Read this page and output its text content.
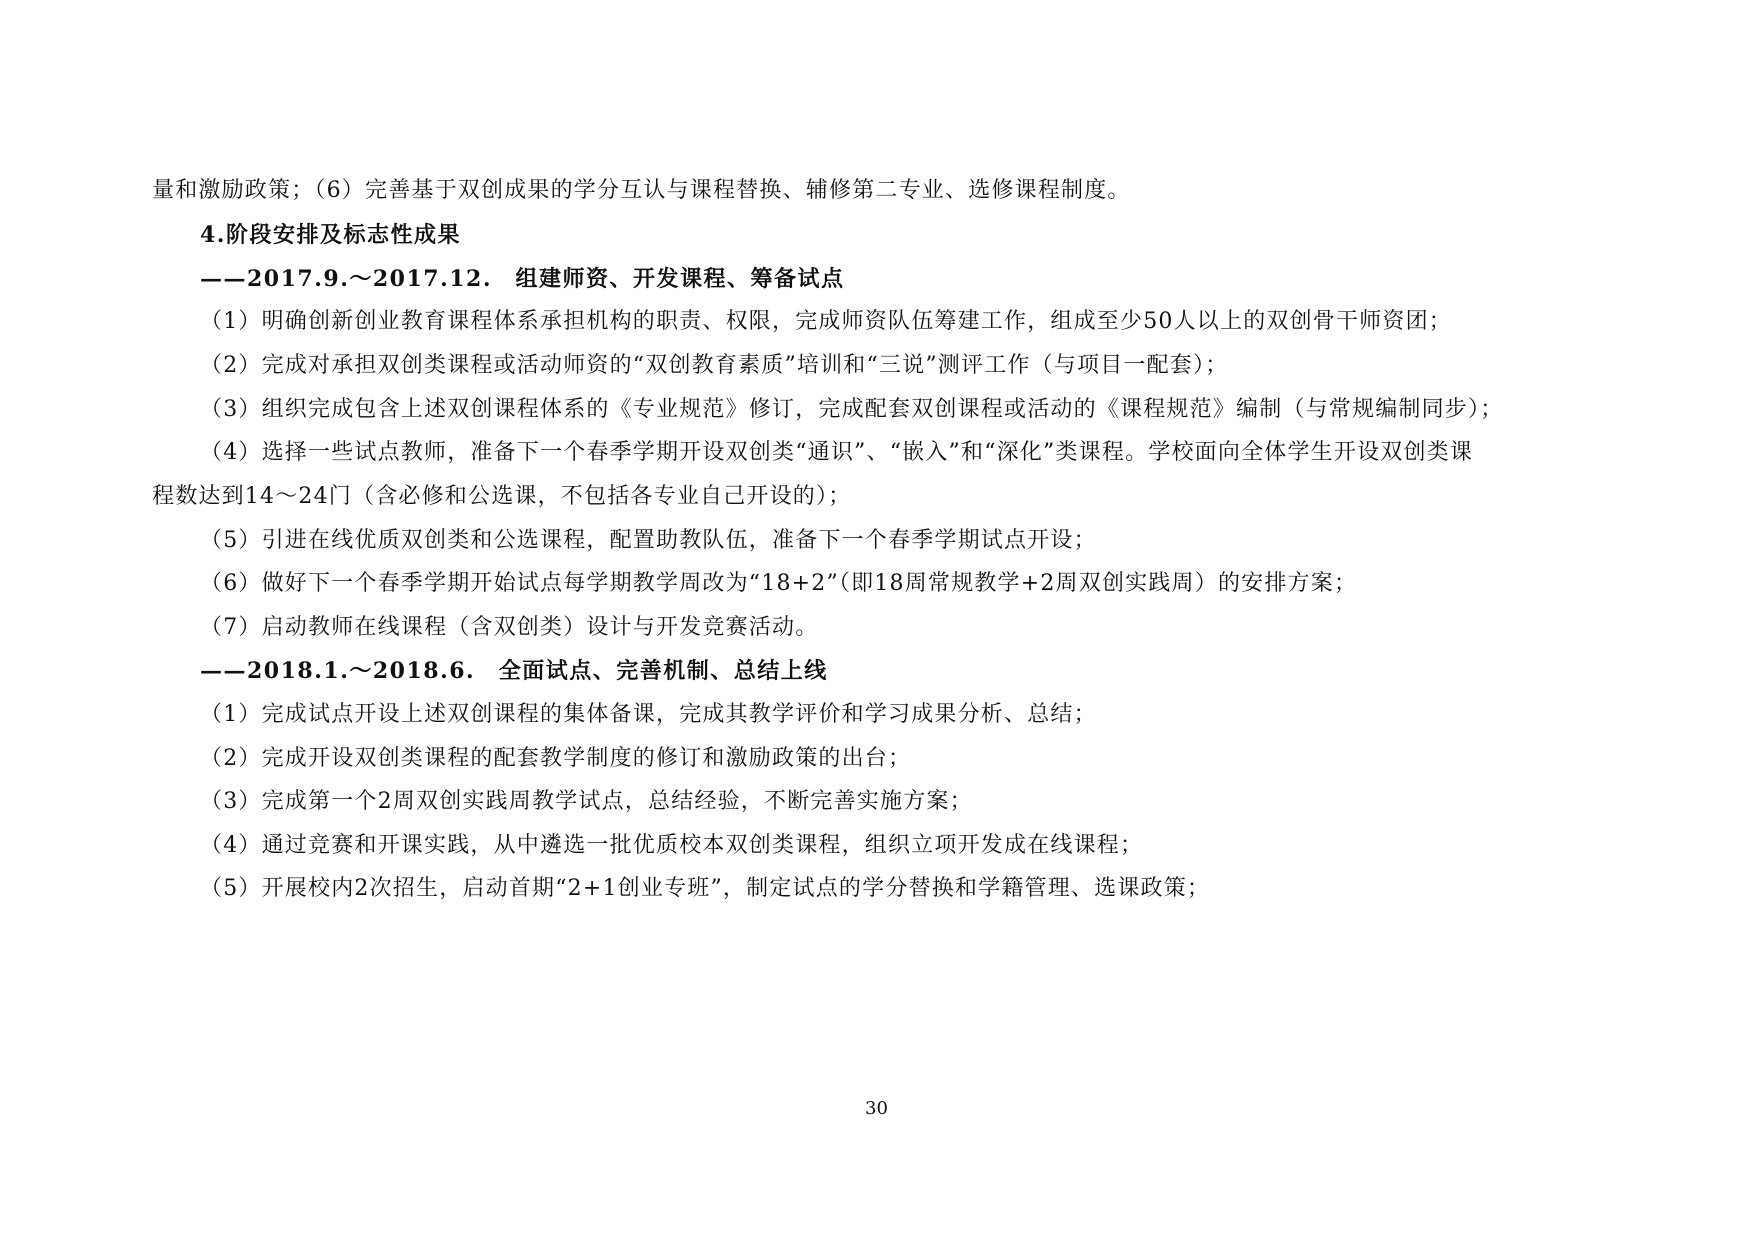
量和激励政策；（6）完善基于双创成果的学分互认与课程替换、辅修第二专业、选修课程制度。
4.阶段安排及标志性成果
——2017.9.～2017.12.　组建师资、开发课程、筹备试点
（1）明确创新创业教育课程体系承担机构的职责、权限，完成师资队伍筹建工作，组成至少50人以上的双创骨干师资团；
（2）完成对承担双创类课程或活动师资的“双创教育素质”培训和“三说”测评工作（与项目一配套）；
（3）组织完成包含上述双创课程体系的《专业规范》修订，完成配套双创课程或活动的《课程规范》编制（与常规编制同步）；
（4）选择一些试点教师，准备下一个春季学期开设双创类“通识”、“嵌入”和“深化”类课程。学校面向全体学生开设双创类课
程数达到14～24门（含必修和公选课，不包括各专业自己开设的）；
（5）引进在线优质双创类和公选课程，配置助教队伍，准备下一个春季学期试点开设；
（6）做好下一个春季学期开始试点每学期教学周改为“18+2”（即18周常规教学+2周双创实践周）的安排方案；
（7）启动教师在线课程（含双创类）设计与开发竞赛活动。
——2018.1.～2018.6.　全面试点、完善机制、总结上线
（1）完成试点开设上述双创课程的集体备课，完成其教学评价和学习成果分析、总结；
（2）完成开设双创类课程的配套教学制度的修订和激励政策的出台；
（3）完成第一个2周双创实践周教学试点，总结经验，不断完善实施方案；
（4）通过竞赛和开课实践，从中遴选一批优质校本双创类课程，组织立项开发成在线课程；
（5）开展校内2次招生，启动首期“2+1创业专班”，制定试点的学分替换和学籍管理、选课政策；
30
